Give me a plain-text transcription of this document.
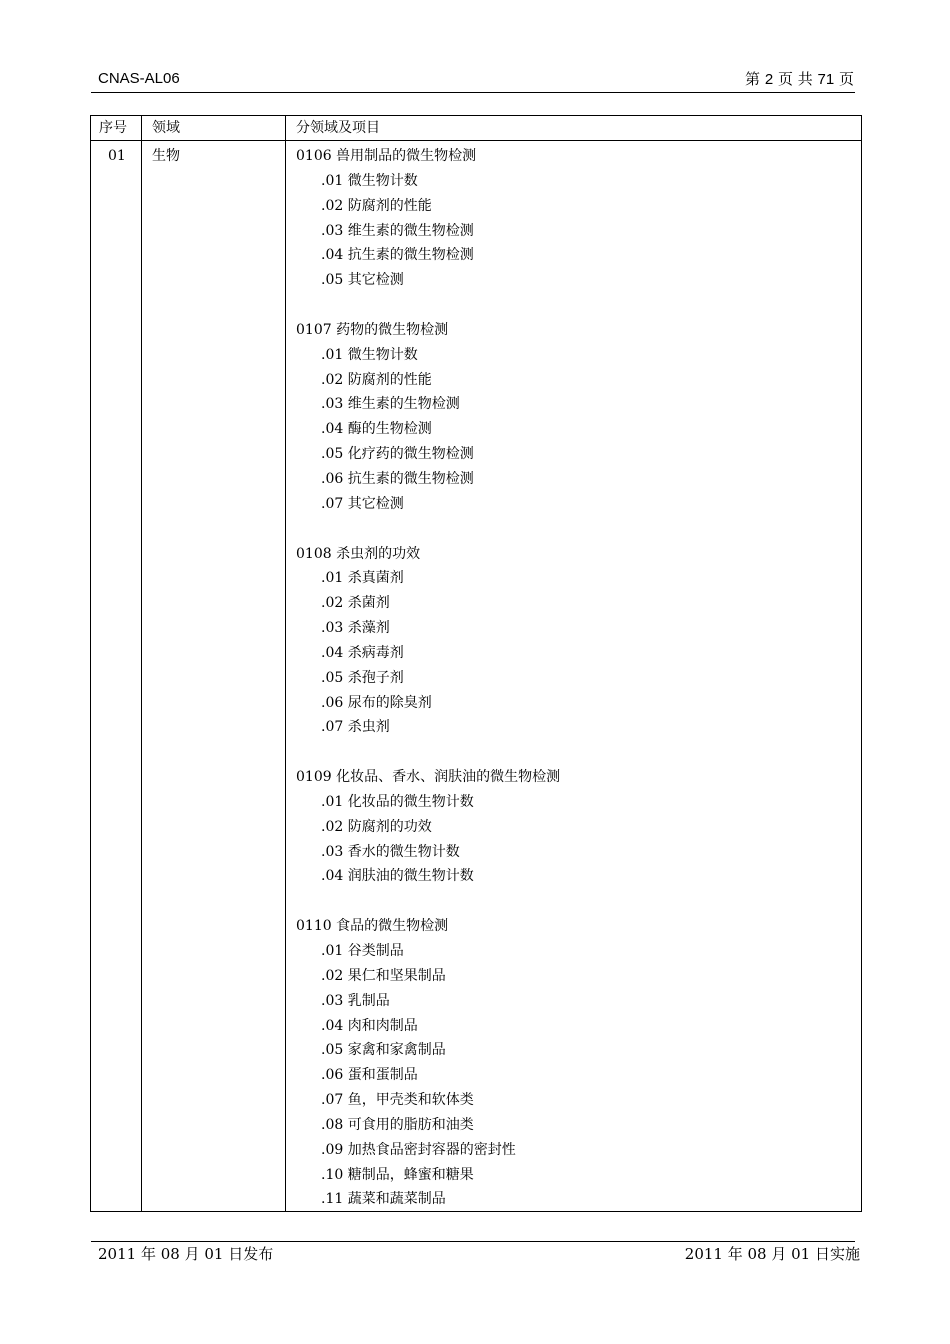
CNAS-AL06	第 2 页 共 71 页
序号 领域	分领域及项目
01 生物	0106 兽用制品的微生物检测
.01 微生物计数
.02 防腐剂的性能
.03 维生素的微生物检测
.04 抗生素的微生物检测
.05 其它检测
0107 药物的微生物检测
.01 微生物计数
.02 防腐剂的性能
.03 维生素的生物检测
.04 酶的生物检测
.05 化疗药的微生物检测
.06 抗生素的微生物检测
.07 其它检测
0108 杀虫剂的功效
.01 杀真菌剂
.02 杀菌剂
.03 杀藻剂
.04 杀病毒剂
.05 杀孢子剂
.06 尿布的除臭剂
.07 杀虫剂
0109 化妆品、香水、润肤油的微生物检测
.01 化妆品的微生物计数
.02 防腐剂的功效
.03 香水的微生物计数
.04 润肤油的微生物计数
0110 食品的微生物检测
.01 谷类制品
.02 果仁和坚果制品
.03 乳制品
.04 肉和肉制品
.05 家禽和家禽制品
.06 蛋和蛋制品
.07 鱼，甲壳类和软体类
.08 可食用的脂肪和油类
.09 加热食品密封容器的密封性
.10 糖制品，蜂蜜和糖果
.11 蔬菜和蔬菜制品
2011 年 08 月 01 日发布	2011 年 08 月 01 日实施
